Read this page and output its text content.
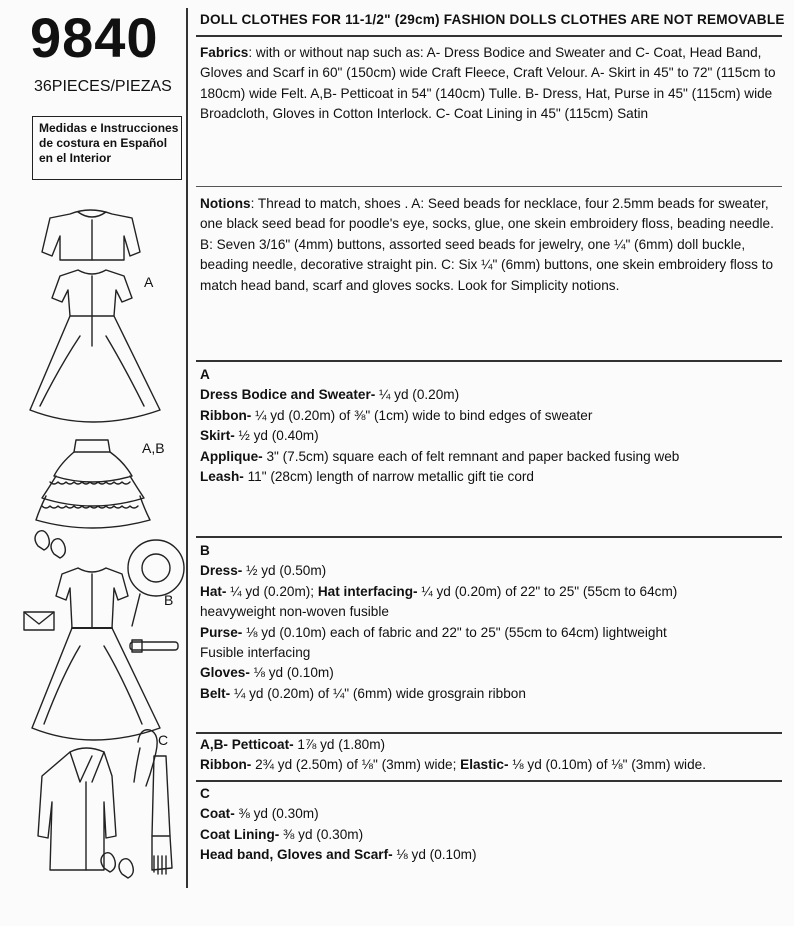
9840
36PIECES/PIEZAS
Medidas e Instrucciones
de costura en Español
en el Interior
A
A,B
B
C
DOLL CLOTHES FOR 11-1/2" (29cm) FASHION DOLLS CLOTHES ARE NOT REMOVABLE
Fabrics: with or without nap such as: A- Dress Bodice and Sweater and C- Coat, Head Band, Gloves and Scarf in 60" (150cm) wide Craft Fleece, Craft Velour. A- Skirt in 45" to 72" (115cm to 180cm) wide Felt. A,B- Petticoat in 54" (140cm) Tulle. B- Dress, Hat, Purse in 45" (115cm) wide Broadcloth, Gloves in Cotton Interlock. C- Coat Lining in 45" (115cm) Satin
Notions: Thread to match, shoes . A: Seed beads for necklace, four 2.5mm beads for sweater, one black seed bead for poodle's eye, socks, glue, one skein embroidery floss, beading needle. B: Seven 3/16" (4mm) buttons, assorted seed beads for jewelry, one ¼" (6mm) doll buckle, beading needle, decorative straight pin. C: Six ¼" (6mm) buttons, one skein embroidery floss to match head band, scarf and gloves socks. Look for Simplicity notions.
A
Dress Bodice and Sweater- ¼ yd (0.20m)
Ribbon- ¼ yd (0.20m) of ⅜" (1cm) wide to bind edges of sweater
Skirt- ½ yd (0.40m)
Applique- 3" (7.5cm) square each of felt remnant and paper backed fusing web
Leash- 11" (28cm) length of narrow metallic gift tie cord
B
Dress- ½ yd (0.50m)
Hat- ¼ yd (0.20m); Hat interfacing- ¼ yd (0.20m) of 22" to 25" (55cm to 64cm)
heavyweight non-woven fusible
Purse- ⅛ yd (0.10m) each of fabric and 22" to 25" (55cm to 64cm) lightweight
Fusible interfacing
Gloves- ⅛ yd (0.10m)
Belt- ¼ yd (0.20m) of ¼" (6mm) wide grosgrain ribbon
A,B- Petticoat- 1⅞ yd (1.80m)
Ribbon- 2¾ yd (2.50m) of ⅛" (3mm) wide; Elastic- ⅛ yd (0.10m) of ⅛" (3mm) wide.
C
Coat- ⅜ yd (0.30m)
Coat Lining- ⅜ yd (0.30m)
Head band, Gloves and Scarf- ⅛ yd (0.10m)
